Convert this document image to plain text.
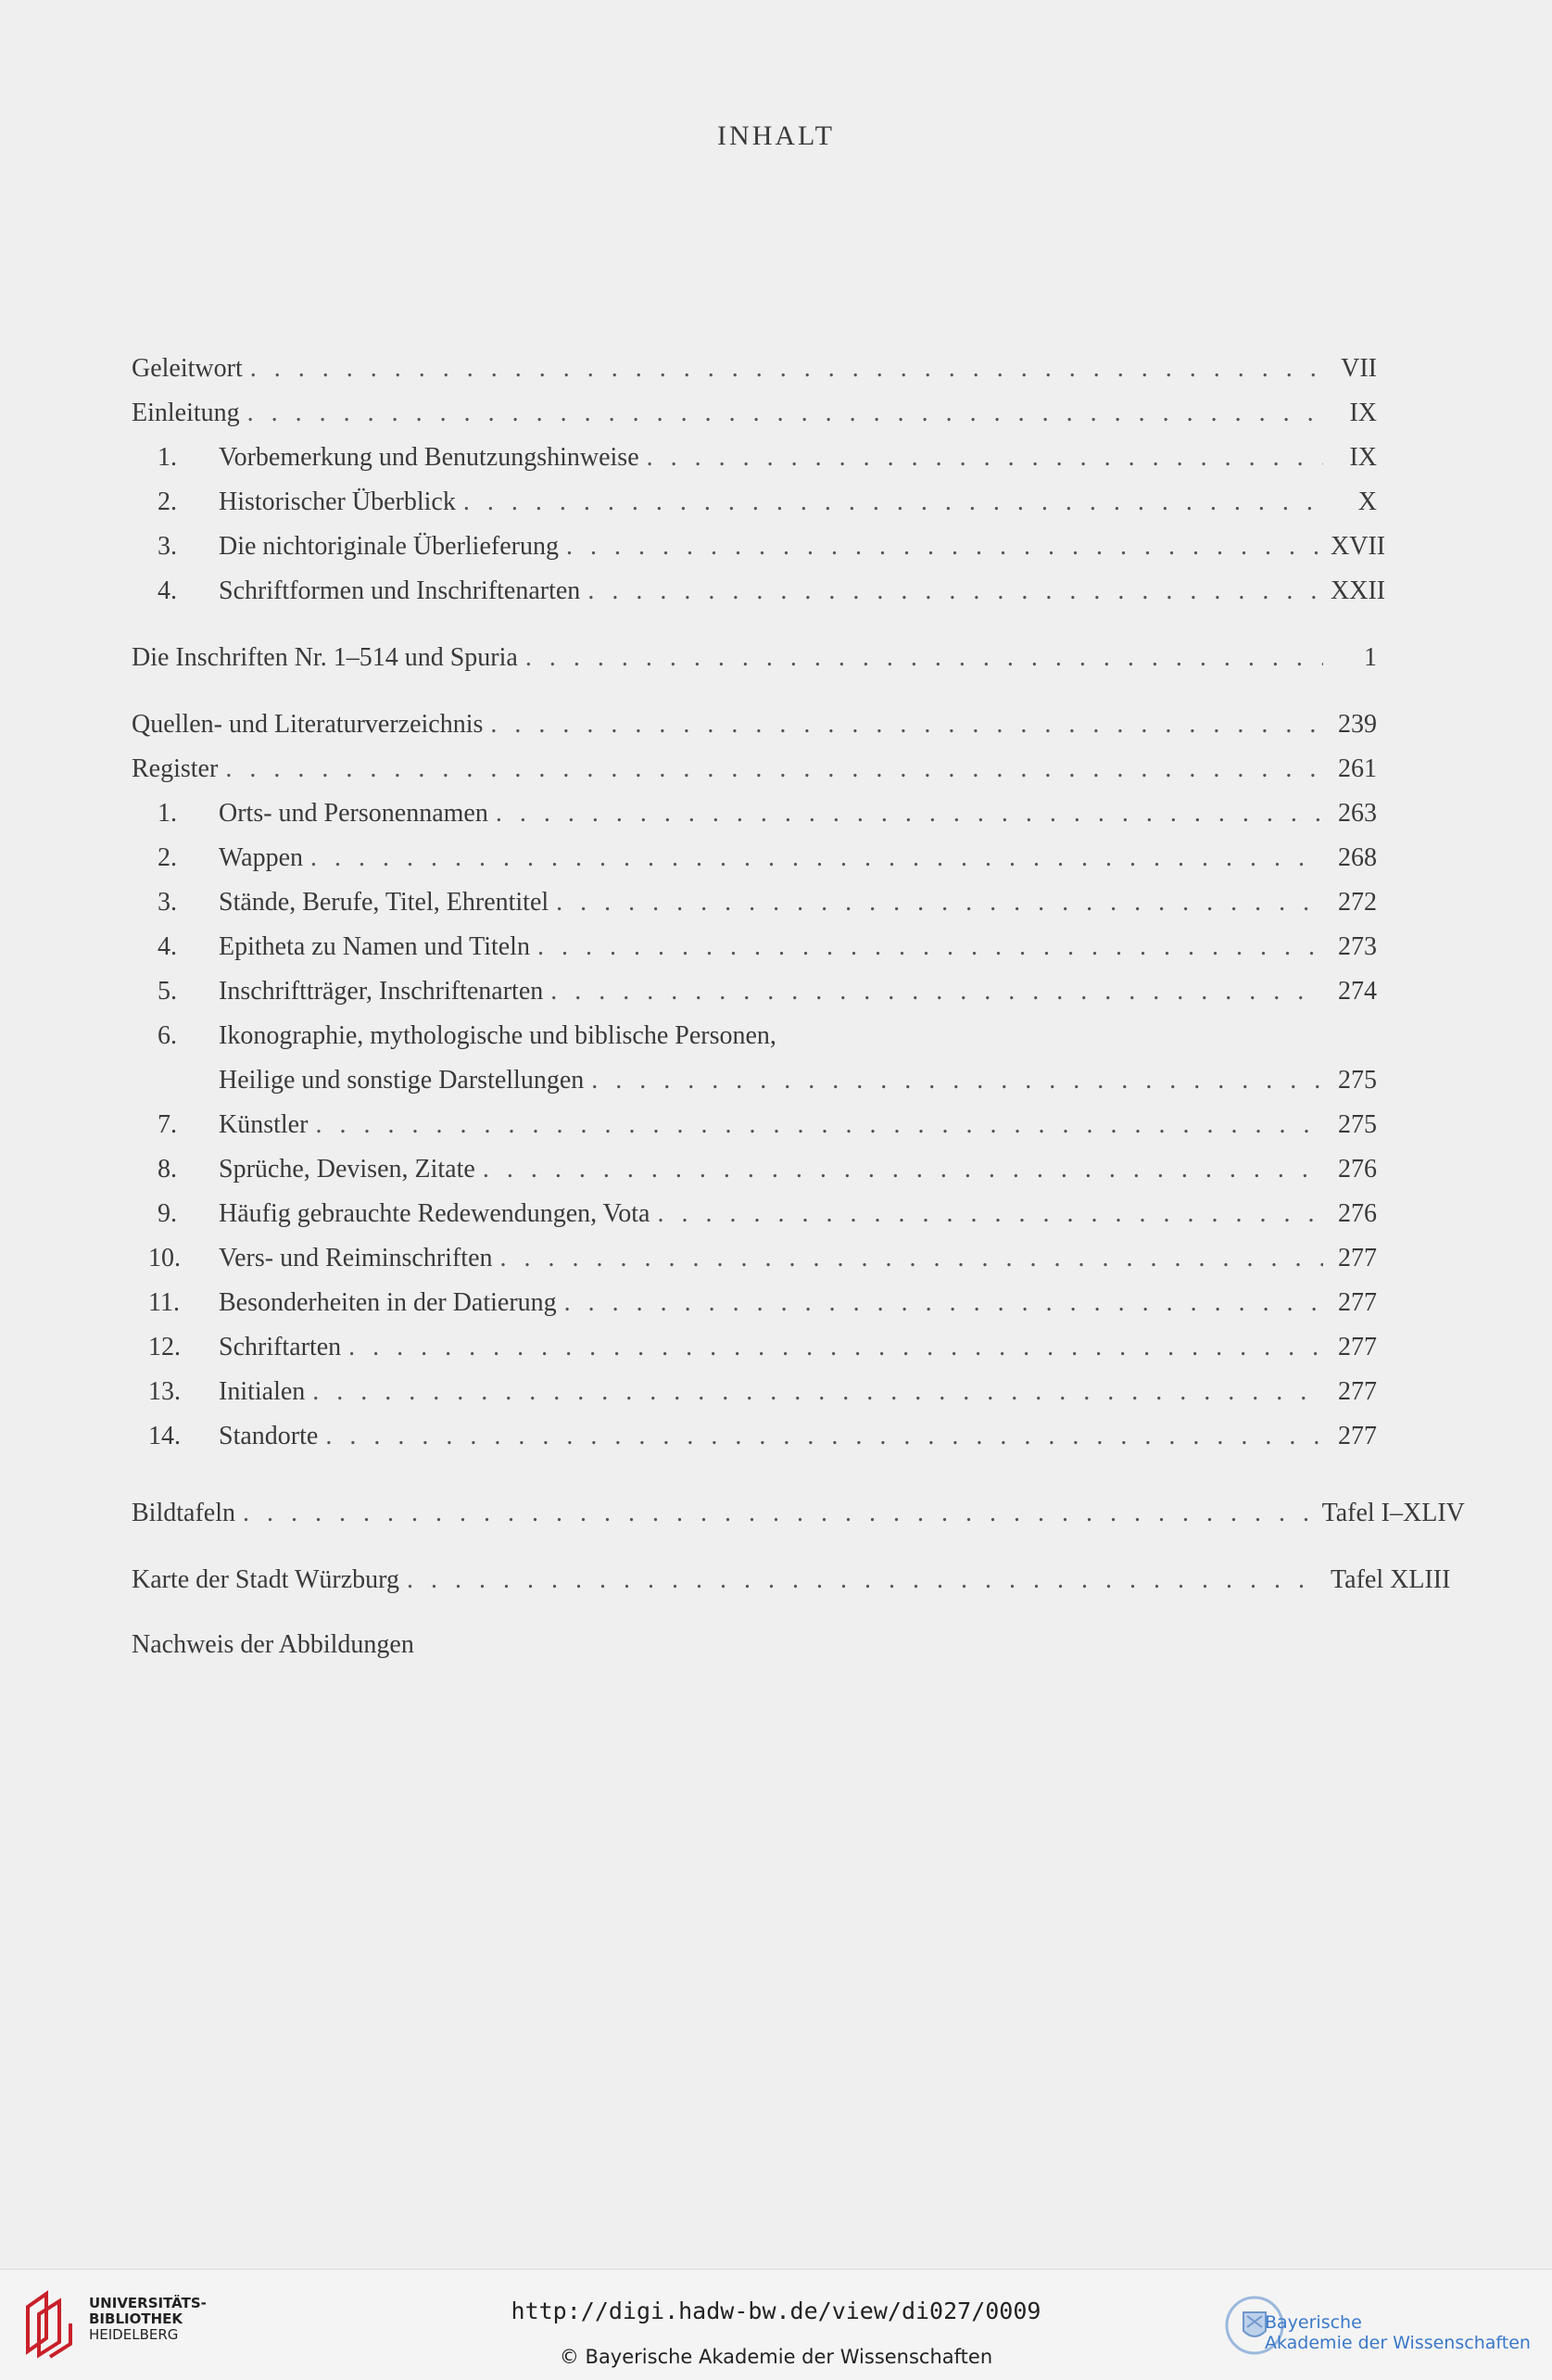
INHALT
Geleitwort . . .	VII
Einleitung . . .	IX
1.	Vorbemerkung und Benutzungshinweise . . .	IX
2.	Historischer Überblick . . .	X
3.	Die nichtoriginale Überlieferung . . .	XVII
4.	Schriftformen und Inschriftenarten . . .	XXII
Die Inschriften Nr. 1–514 und Spuria . . .	1
Quellen- und Literaturverzeichnis . . .	239
Register . . .	261
1.	Orts- und Personennamen . . .	263
2.	Wappen . . .	268
3.	Stände, Berufe, Titel, Ehrentitel . . .	272
4.	Epitheta zu Namen und Titeln . . .	273
5.	Inschriftträger, Inschriftenarten . . .	274
6.	Ikonographie, mythologische und biblische Personen,
Heilige und sonstige Darstellungen . . .	275
7.	Künstler . . .	275
8.	Sprüche, Devisen, Zitate . . .	276
9.	Häufig gebrauchte Redewendungen, Vota . . .	276
10.	Vers- und Reiminschriften . . .	277
11.	Besonderheiten in der Datierung . . .	277
12.	Schriftarten . . .	277
13.	Initialen . . .	277
14.	Standorte . . .	277
Bildtafeln . . .	Tafel I–XLIV
Karte der Stadt Würzburg . . .	Tafel XLIII
Nachweis der Abbildungen
UNIVERSITÄTS-
BIBLIOTHEK
HEIDELBERG
http://digi.hadw-bw.de/view/di027/0009
© Bayerische Akademie der Wissenschaften
Bayerische
Akademie der Wissenschaften
